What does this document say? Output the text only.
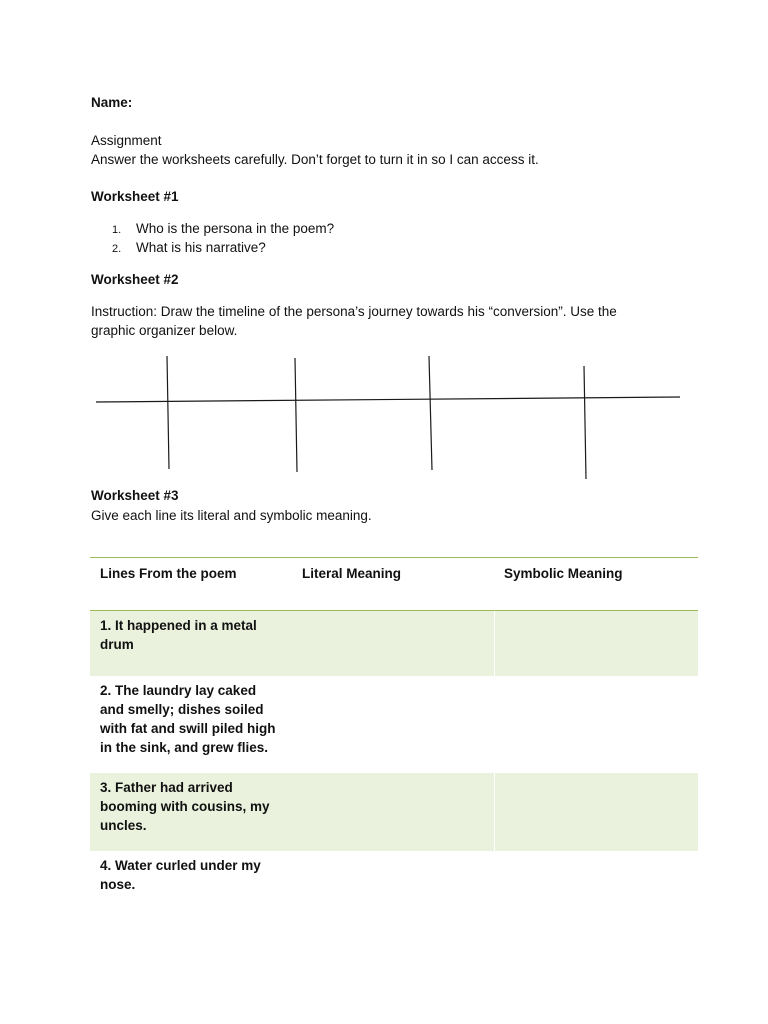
Name:
Assignment
Answer the worksheets carefully. Don’t forget to turn it in so I can access it.
Worksheet #1
1. Who is the persona in the poem?
2. What is his narrative?
Worksheet #2
Instruction: Draw the timeline of the persona’s journey towards his “conversion”. Use the
graphic organizer below.
Worksheet #3
Give each line its literal and symbolic meaning.
Lines From the poem	Literal Meaning	Symbolic Meaning
1. It happened in a metal drum		
2. The laundry lay caked and smelly; dishes soiled with fat and swill piled high in the sink, and grew flies.		
3. Father had arrived booming with cousins, my uncles.		
4. Water curled under my nose.		
